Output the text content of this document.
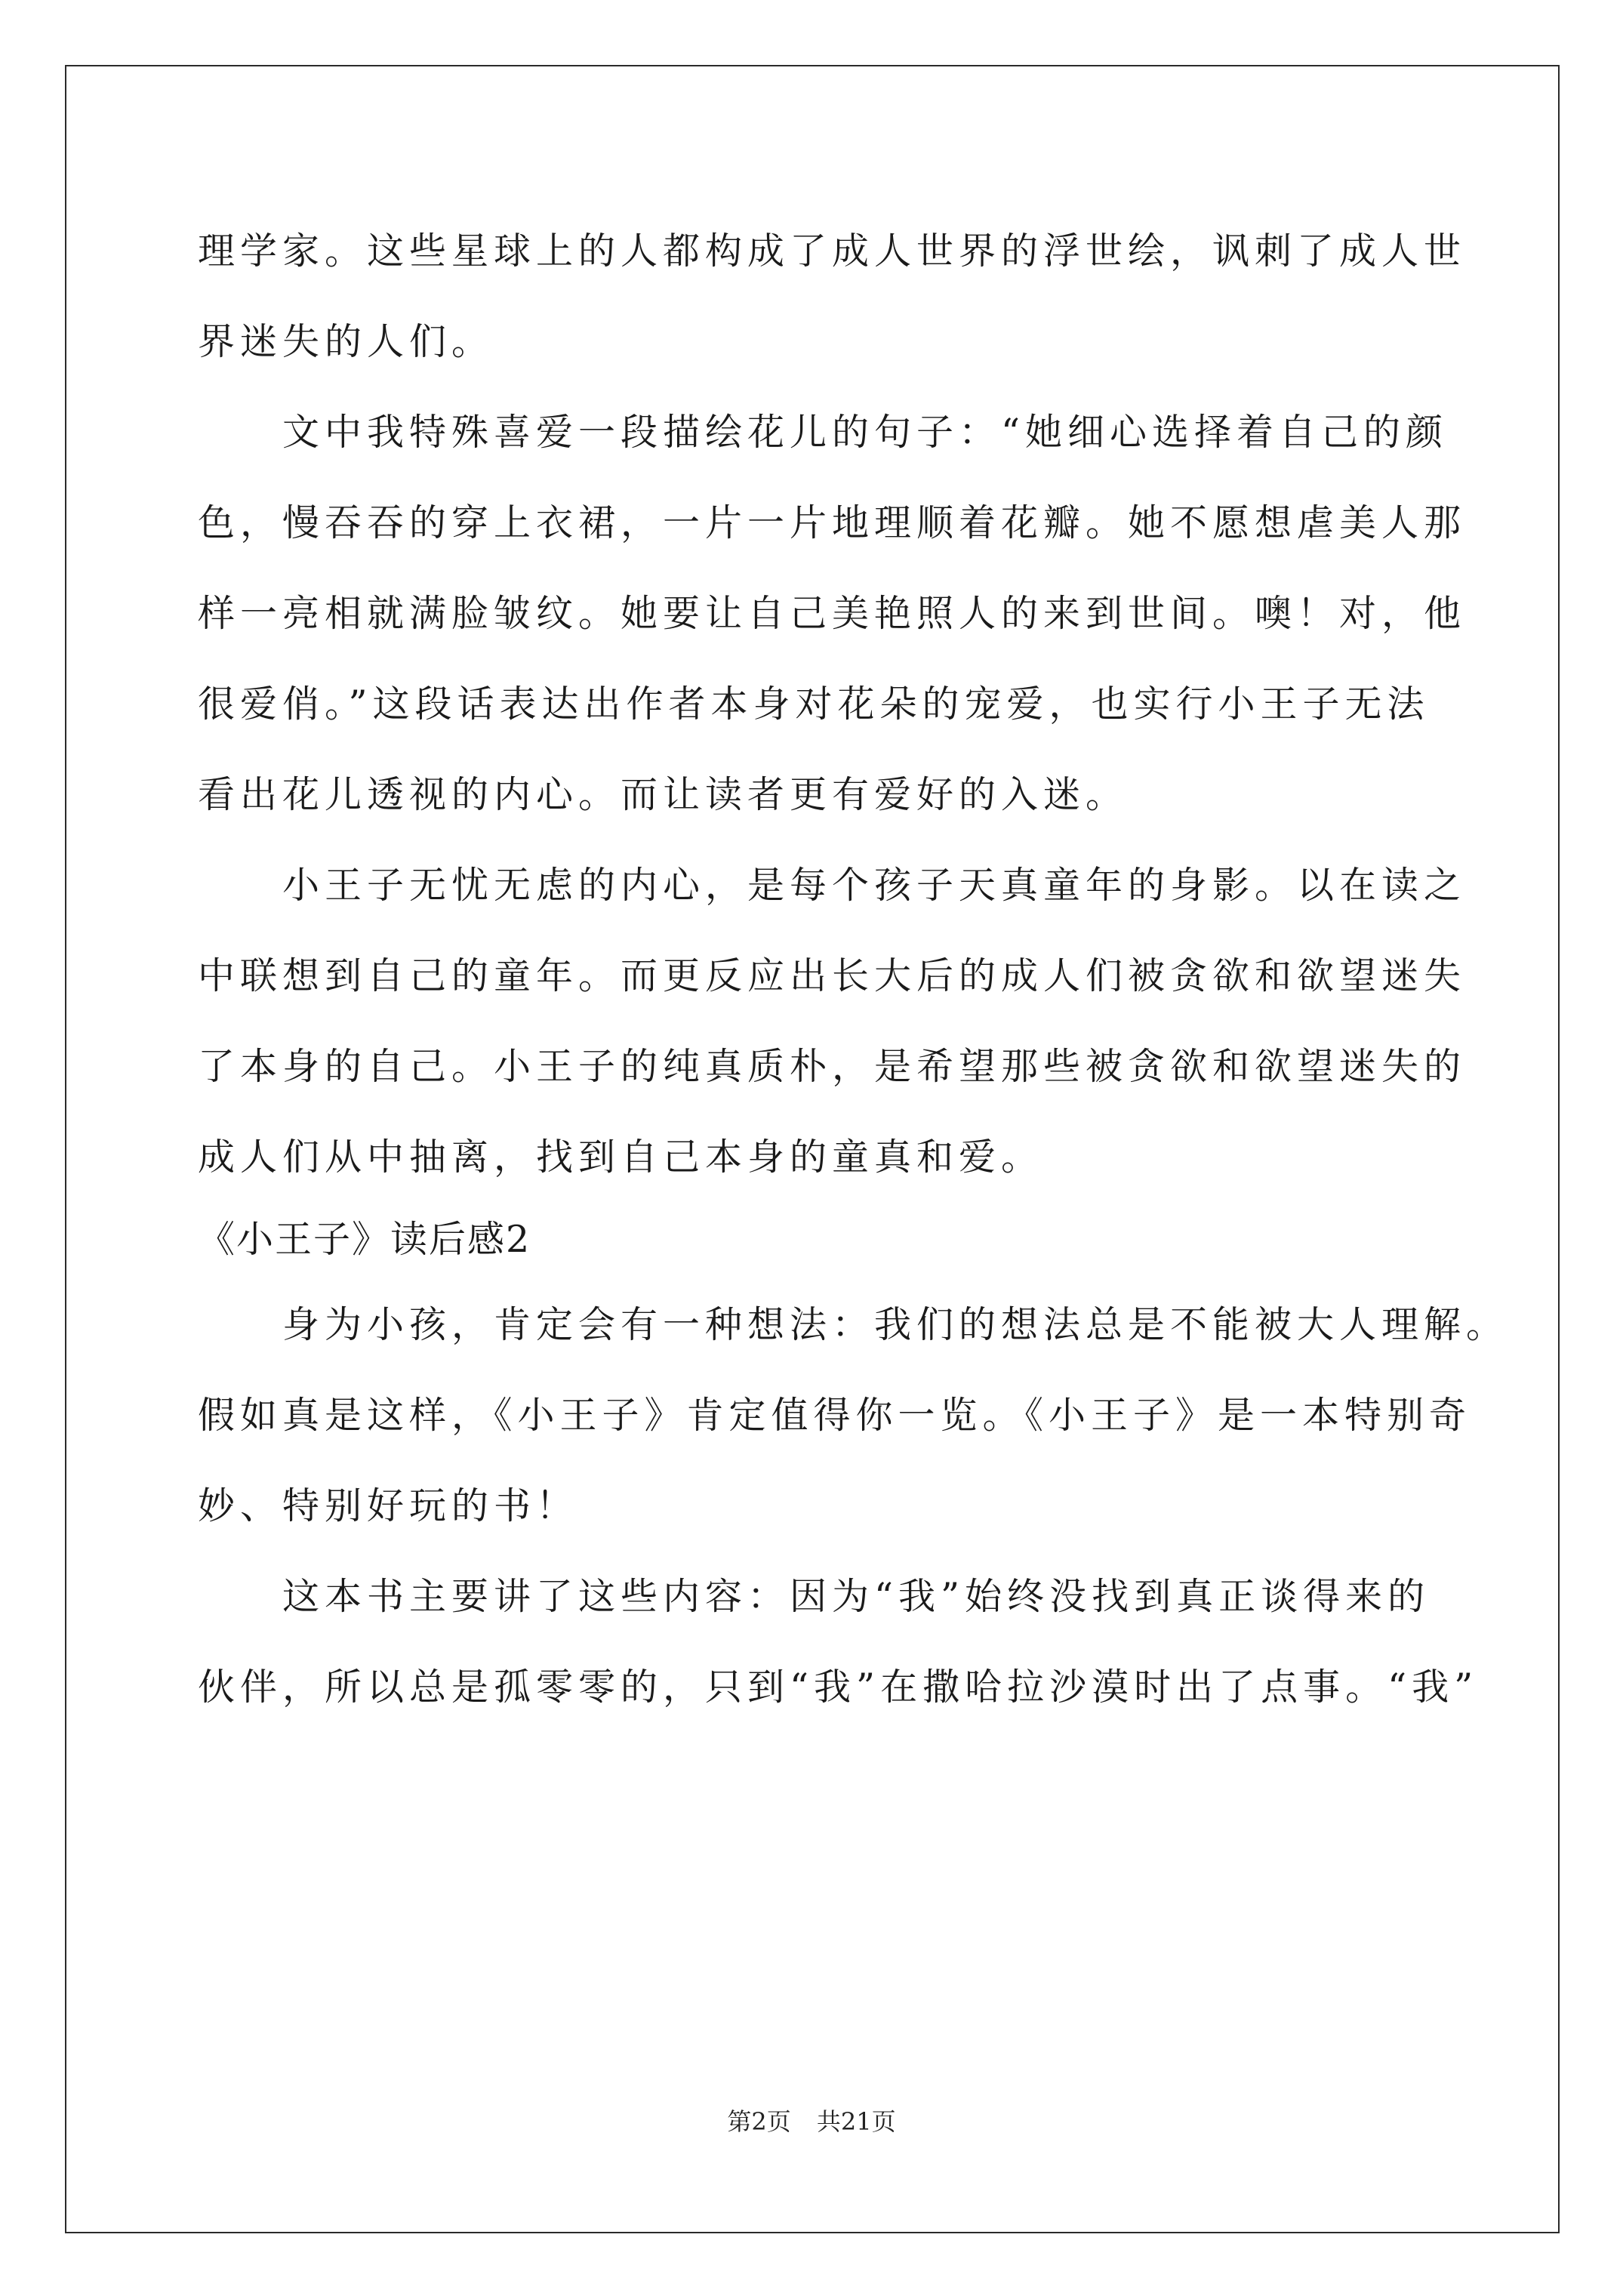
理学家。这些星球上的人都构成了成人世界的浮世绘，讽刺了成人世

界迷失的人们。

文中我特殊喜爱一段描绘花儿的句子：“她细心选择着自己的颜

色，慢吞吞的穿上衣裙，一片一片地理顺着花瓣。她不愿想虐美人那

样一亮相就满脸皱纹。她要让自己美艳照人的来到世间。噢！对，他

很爱俏。”这段话表达出作者本身对花朵的宠爱，也实行小王子无法

看出花儿透视的内心。而让读者更有爱好的入迷。

小王子无忧无虑的内心，是每个孩子天真童年的身影。以在读之

中联想到自己的童年。而更反应出长大后的成人们被贪欲和欲望迷失

了本身的自己。小王子的纯真质朴，是希望那些被贪欲和欲望迷失的

成人们从中抽离，找到自己本身的童真和爱。

《小王子》读后感2

身为小孩，肯定会有一种想法：我们的想法总是不能被大人理解。

假如真是这样，《小王子》肯定值得你一览。《小王子》是一本特别奇

妙、特别好玩的书！

这本书主要讲了这些内容：因为“我”始终没找到真正谈得来的

伙伴，所以总是孤零零的，只到“我”在撒哈拉沙漠时出了点事。“我”

第2页 共21页
